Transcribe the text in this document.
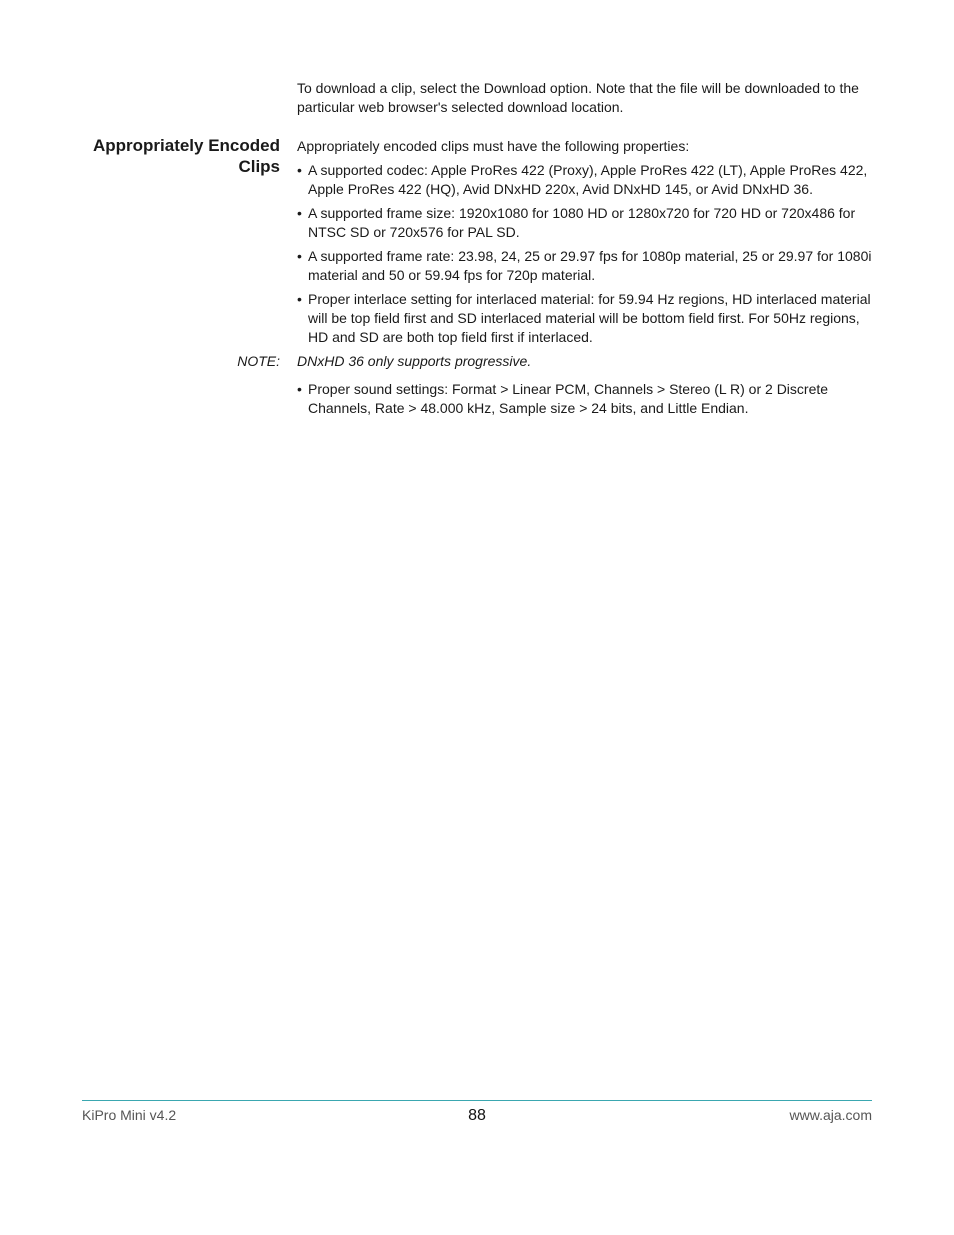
To download a clip, select the Download option. Note that the file will be downloaded to the particular web browser's selected download location.

Appropriately Encoded Clips

Appropriately encoded clips must have the following properties:

• A supported codec: Apple ProRes 422 (Proxy), Apple ProRes 422 (LT), Apple ProRes 422, Apple ProRes 422 (HQ), Avid DNxHD 220x, Avid DNxHD 145, or Avid DNxHD 36.
• A supported frame size: 1920x1080 for 1080 HD or 1280x720 for 720 HD or 720x486 for NTSC SD or 720x576 for PAL SD.
• A supported frame rate: 23.98, 24, 25 or 29.97 fps for 1080p material, 25 or 29.97 for 1080i material and 50 or 59.94 fps for 720p material.
• Proper interlace setting for interlaced material: for 59.94 Hz regions, HD interlaced material will be top field first and SD interlaced material will be bottom field first. For 50Hz regions, HD and SD are both top field first if interlaced.
NOTE: DNxHD 36 only supports progressive.
• Proper sound settings: Format > Linear PCM, Channels > Stereo (L R) or 2 Discrete Channels, Rate > 48.000 kHz, Sample size > 24 bits, and Little Endian.
KiPro Mini v4.2	88	www.aja.com
